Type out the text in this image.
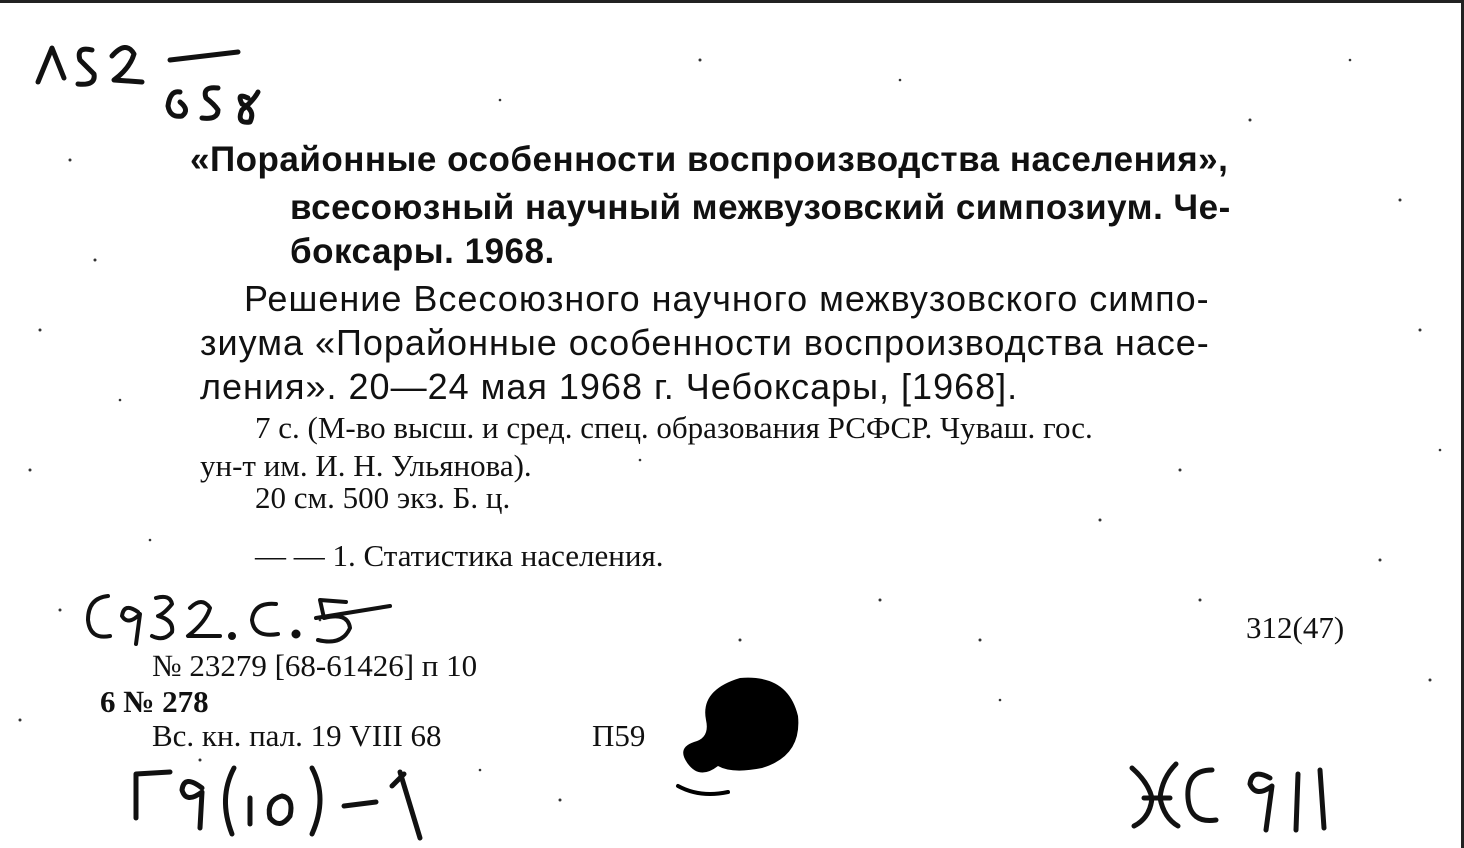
«Порайонные особенности воспроизводства населения»,
всесоюзный научный межвузовский симпозиум. Че-
боксары. 1968.
Решение Всесоюзного научного межвузовского симпо-
зиума «Порайонные особенности воспроизводства насе-
ления». 20—24 мая 1968 г. Чебоксары, [1968].
7 с. (М-во высш. и сред. спец. образования РСФСР. Чуваш. гос.
ун-т им. И. Н. Ульянова).
20 см. 500 экз. Б. ц.
— — 1. Статистика населения.
312(47)
№ 23279 [68-61426] п 10
6 № 278
Вс. кн. пал. 19 VIII 68	П59
